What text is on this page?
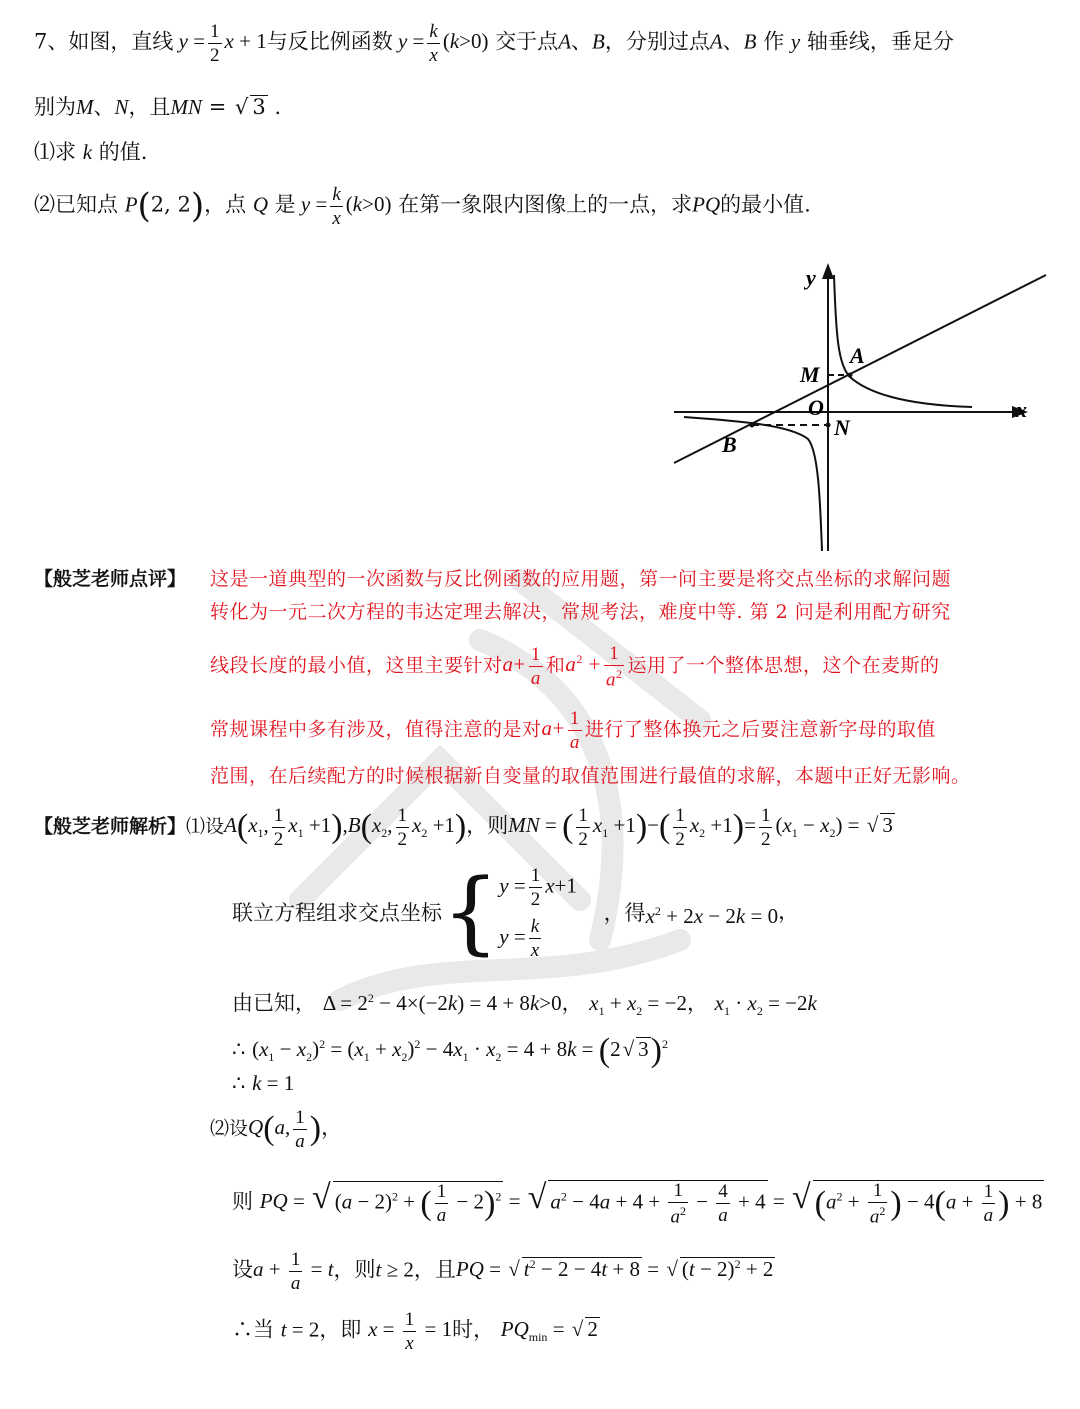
7、如图，直线 $y = \frac{1}{2}$ x + 1与反比例函数 $y = \frac{k}{x} (k>0)$ 交于点A、B，分别过点A、B 作 y 轴垂线，垂足分
别为M、N，且MN = √ 3 .
⑴求 k 的值.
⑵已知点 P(2, 2)，点 Q 是 $y = \frac{k}{x} (k>0)$ 在第一象限内图像上的一点，求PQ的最小值.
x
y
O
A
B
M
N
【般芝老师点评】 这是一道典型的一次函数与反比例函数的应用题，第一问主要是将交点坐标的求解问题
转化为一元二次方程的韦达定理去解决，常规考法，难度中等. 第 2 问是利用配方研究
线段长度的最小值，这里主要针对$a+ \frac{1}{a}$ 和$a^2 + \frac{1}{a^2}$ 运用了一个整体思想，这个在麦斯的
常规课程中多有涉及，值得注意的是对$a+ \frac{1}{a}$ 进行了整体换元之后要注意新字母的取值
范围，在后续配方的时候根据新自变量的取值范围进行最值的求解，本题中正好无影响。
【般芝老师解析】⑴设$A(x_1$, $\frac{1}{2} x_1 +1),B(x_2$, $\frac{1}{2} x_2 +1$)，则MN = ( $\frac{1}{2} x_1 +1)-( \frac{1}{2} x_2 +1)= \frac{1}{2} (x_1 - x_2)$ = √ 3
联立方程组求交点坐标{ $y = \frac{1}{2} x+1$
$y = \frac{k}{x}$
，得$x^2 + 2x - 2k = 0$，
由已知， $\Delta = 2^2 - 4\times(-2k) = 4 + 8k>0$， $x_1 + x_2 = -2$， $x_1 \cdot x_2 = -2k$
∴ $(x_1 - x_2)^2 = (x_1 + x_2)^2 - 4x_1 \cdot x_2 = 4 + 8k = (2√$ 3)$^2$
∴ k = 1
⑵设Q(a, $\frac{1}{a}$ )，
则 PQ = √ $(a - 2)^2$ + ( $\frac{1}{a} - 2)^2$ = √ $a^2 - 4a + 4 + \frac{1}{a^2} - \frac{4}{a} + 4$ = √ ($a^2 + \frac{1}{a^2}$ ) − $4(a + \frac{1}{a}$ ) + 8
设$a + \frac{1}{a} = t$，则t ≥ 2，且PQ = √ $t^2 - 2 - 4t + 8$ = √ $(t - 2)^2 + 2$
∴当 t = 2，即 $x = \frac{1}{x} = 1$时， $PQ_{min}$ = √ 2
